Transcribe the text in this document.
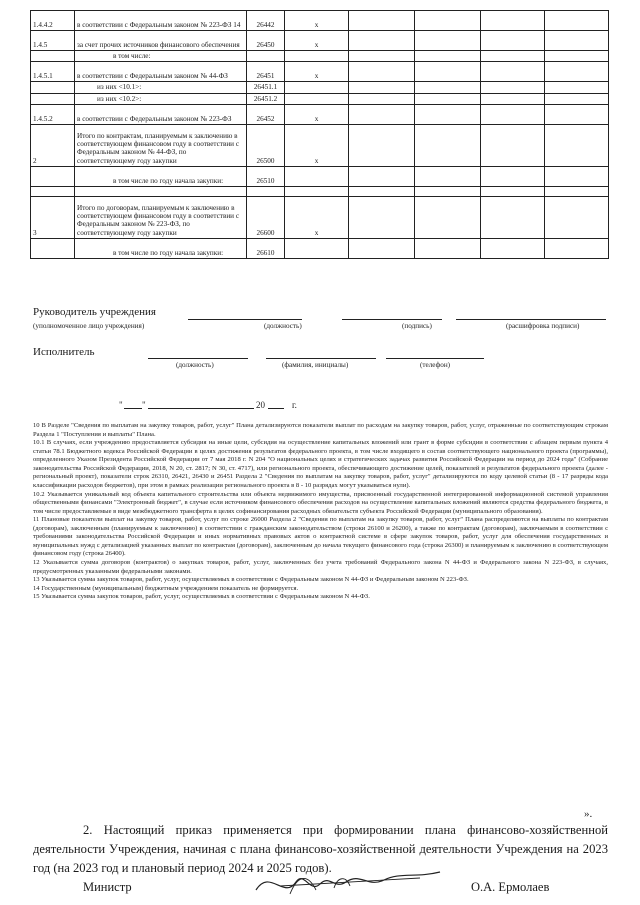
1.4.4.2	в соответствии с Федеральным законом № 223-ФЗ 14	26442	x				
1.4.5	за счет прочих источников финансового обеспечения	26450	x				
	в том числе:						
1.4.5.1	в соответствии с Федеральным законом № 44-ФЗ	26451	x				
	из них <10.1>:	26451.1					
	из них <10.2>:	26451.2					
1.4.5.2	в соответствии с Федеральным законом № 223-ФЗ	26452	x				
2	Итого по контрактам, планируемым к заключению в соответствующем финансовом году в соответствии с Федеральным законом № 44-ФЗ, по соответствующему году закупки	26500	x				
	в том числе по году начала закупки:	26510					

3	Итого по договорам, планируемым к заключению в соответствующем финансовом году в соответствии с Федеральным законом № 223-ФЗ, по соответствующему году закупки	26600	x				
	в том числе по году начала закупки:	26610					
Руководитель учреждения
(уполномоченное лицо учреждения)	(должность)	(подпись)	(расшифровка подписи)
Исполнитель
(должность)	(фамилия, инициалы)	(телефон)
" "	20	г.

10 В Разделе "Сведения по выплатам на закупку товаров, работ, услуг" Плана детализируются показатели выплат по расходам на закупку товаров, работ, услуг, отраженные по соответствующим строкам Раздела 1 "Поступления и выплаты" Плана.

10.1 В случаях, если учреждению предоставляется субсидия на иные цели, субсидия на осуществление капитальных вложений или грант в форме субсидии в соответствии с абзацем первым пункта 4 статьи 78.1 Бюджетного кодекса Российской Федерации в целях достижения результатов федерального проекта, в том числе входящего в состав соответствующего национального проекта (программы), определенного Указом Президента Российской Федерации от 7 мая 2018 г. N 204 "О национальных целях и стратегических задачах развития Российской Федерации на период до 2024 года" (Собрание законодательства Российской Федерации, 2018, N 20, ст. 2817; N 30, ст. 4717), или регионального проекта, обеспечивающего достижение целей, показателей и результатов федерального проекта (далее - региональный проект), показатели строк 26310, 26421, 26430 и 26451 Раздела 2 "Сведения по выплатам на закупку товаров, работ, услуг" детализируются по коду целевой статьи (8 - 17 разряды кода классификации расходов бюджетов), при этом в рамках реализации регионального проекта в 8 - 10 разрядах могут указываться нули).

10.2 Указывается уникальный код объекта капитального строительства или объекта недвижимого имущества, присвоенный государственной интегрированной информационной системой управления общественными финансами "Электронный бюджет", в случае если источником финансового обеспечения расходов на осуществление капитальных вложений являются средства федерального бюджета, в том числе предоставляемые в виде межбюджетного трансферта в целях софинансирования расходных обязательств субъекта Российской Федерации (муниципального образования).

11 Плановые показатели выплат на закупку товаров, работ, услуг по строке 26000 Раздела 2 "Сведения по выплатам на закупку товаров, работ, услуг" Плана распределяются на выплаты по контрактам (договорам), заключенным (планируемым к заключению) в соответствии с гражданским законодательством (строки 26100 и 26200), а также по контрактам (договорам), заключаемым в соответствии с требованиями законодательства Российской Федерации и иных нормативных правовых актов о контрактной системе в сфере закупок товаров, работ, услуг для обеспечения государственных и муниципальных нужд с детализацией указанных выплат по контрактам (договорам), заключенным до начала текущего финансового года (строка 26300) и планируемым к заключению в соответствующем финансовом году (строка 26400).

12 Указывается сумма договоров (контрактов) о закупках товаров, работ, услуг, заключенных без учета требований Федерального закона N 44-ФЗ и Федерального закона N 223-ФЗ, в случаях, предусмотренных указанными федеральными законами.

13 Указывается сумма закупок товаров, работ, услуг, осуществляемых в соответствии с Федеральным законом N 44-ФЗ и Федеральным законом N 223-ФЗ.

14 Государственным (муниципальным) бюджетным учреждением показатель не формируется.

15 Указывается сумма закупок товаров, работ, услуг, осуществляемых в соответствии с Федеральным законом N 44-ФЗ.

».
2. Настоящий приказ применяется при формировании плана финансово-хозяйственной деятельности Учреждения, начиная с плана финансово-хозяйственной деятельности Учреждения на 2023 год (на 2023 год и плановый период 2024 и 2025 годов).
Министр	О.А. Ермолаев
